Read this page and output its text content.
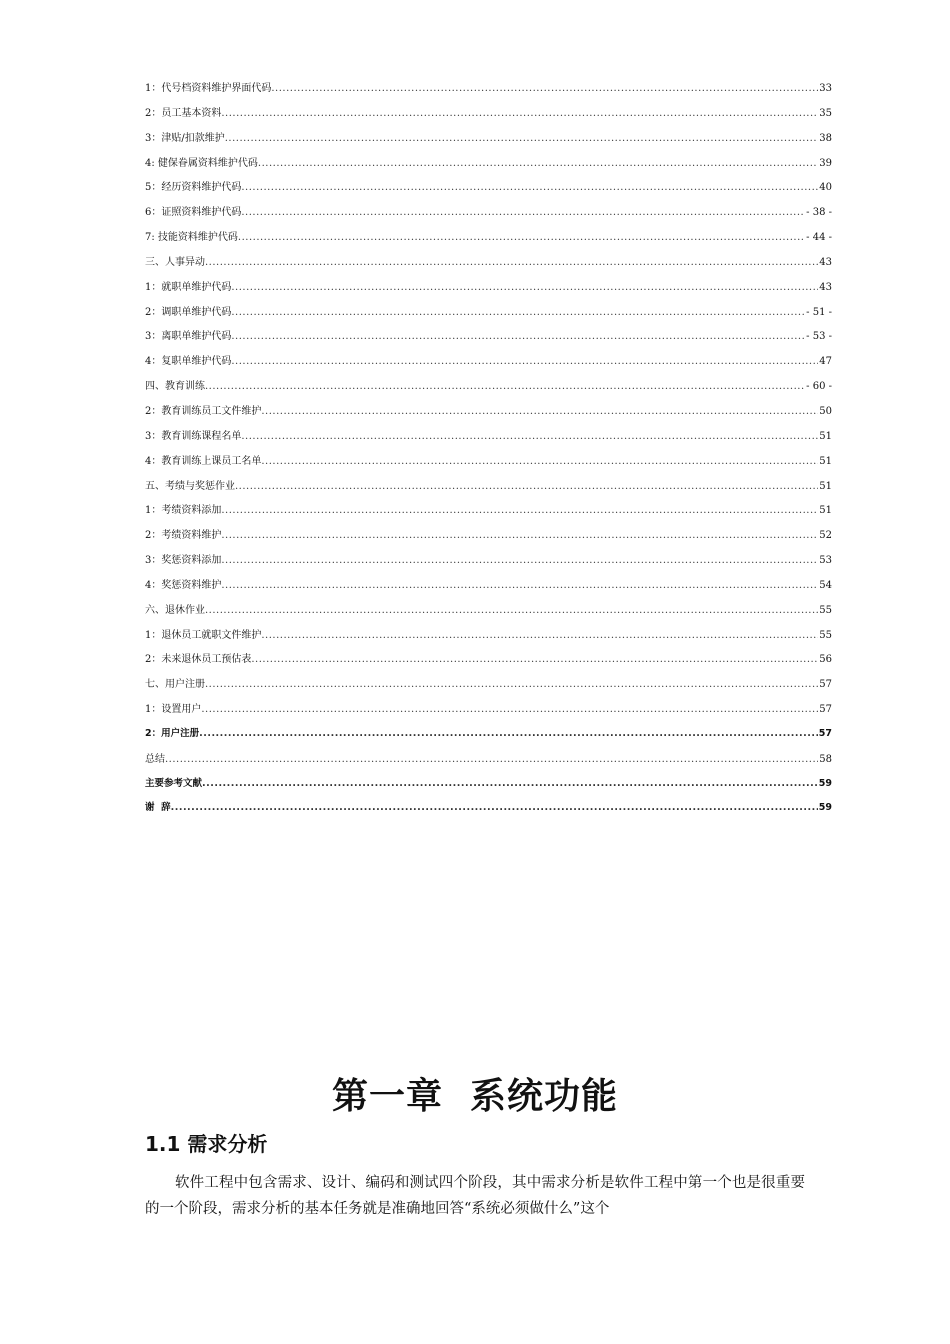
1：代号档资料维护界面代码 .....	33
2：员工基本资料 .....	35
3：津贴/扣款维护 .....	38
4: 健保眷属资料维护代码 .....	39
5：经历资料维护代码 .....	40
6：证照资料维护代码 .....	- 38 -
7: 技能资料维护代码 .....	- 44 -
三、人事异动 .....	43
1：就职单维护代码 .....	43
2：调职单维护代码 .....	- 51 -
3：离职单维护代码 .....	- 53 -
4：复职单维护代码 .....	47
四、教育训练 .....	- 60 -
2：教育训练员工文件维护 .....	50
3：教育训练课程名单 .....	51
4：教育训练上课员工名单 .....	51
五、考绩与奖惩作业 .....	51
1：考绩资料添加 .....	51
2：考绩资料维护 .....	52
3：奖惩资料添加 .....	53
4：奖惩资料维护 .....	54
六、退休作业 .....	55
1：退休员工就职文件维护 .....	55
2：未来退休员工预估表 .....	56
七、用户注册 .....	57
1：设置用户 .....	57
2：用户注册 .....	57
总结 .....	58
主要参考文献 .....	59
谢  辞 .....	59
第一章  系统功能
1.1 需求分析
软件工程中包含需求、设计、编码和测试四个阶段，其中需求分析是软件工程中第一个也是很重要的一个阶段，需求分析的基本任务就是准确地回答“系统必须做什么”这个
